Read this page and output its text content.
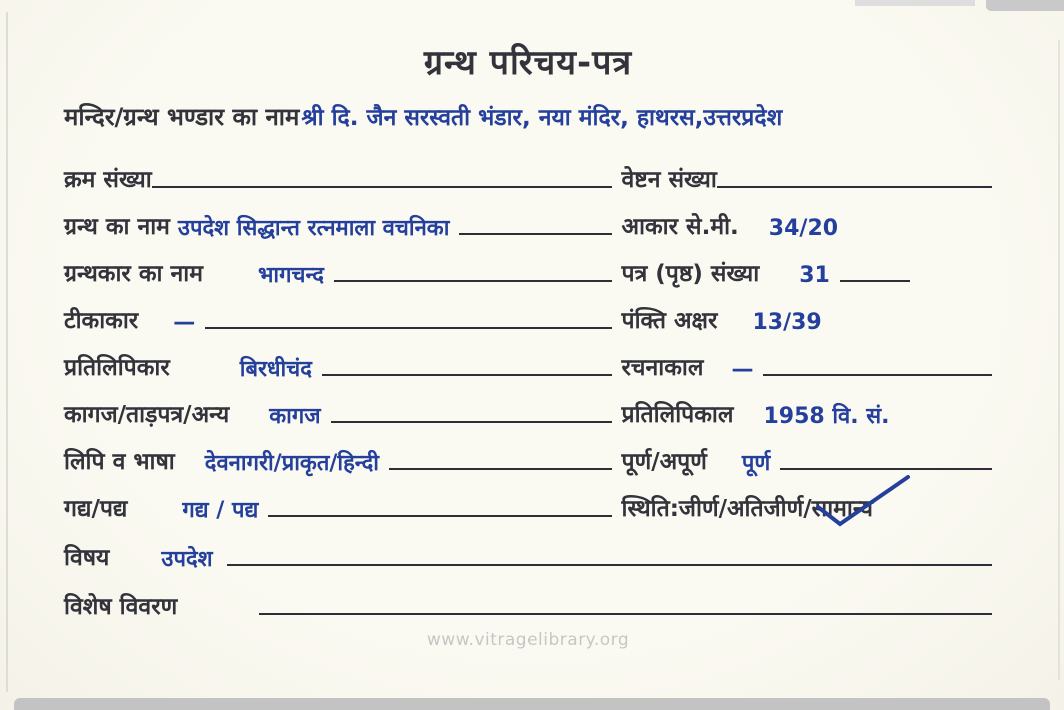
ग्रन्थ परिचय-पत्र
मन्दिर/ग्रन्थ भण्डार का नाम श्री दि. जैन सरस्वती भंडार, नया मंदिर, हाथरस,उत्तरप्रदेश
क्रम संख्या	वेष्टन संख्या
ग्रन्थ का नाम उपदेश सिद्धान्त रत्नमाला वचनिका	आकार से.मी. 34/20
ग्रन्थकार का नाम	भागचन्द	पत्र (पृष्ठ) संख्या 31
टीकाकार —	पंक्ति अक्षर 13/39
प्रतिलिपिकार	बिरधीचंद	रचनाकाल —
कागज/ताड़पत्र/अन्य कागज	प्रतिलिपिकाल 1958 वि. सं.
लिपि व भाषा देवनागरी/प्राकृत/हिन्दी	पूर्ण/अपूर्ण पूर्ण
गद्य/पद्य	गद्य / पद्य	स्थिति:जीर्ण/अतिजीर्ण/ सामान्य
विषय उपदेश
विशेष विवरण
www.vitragelibrary.org
